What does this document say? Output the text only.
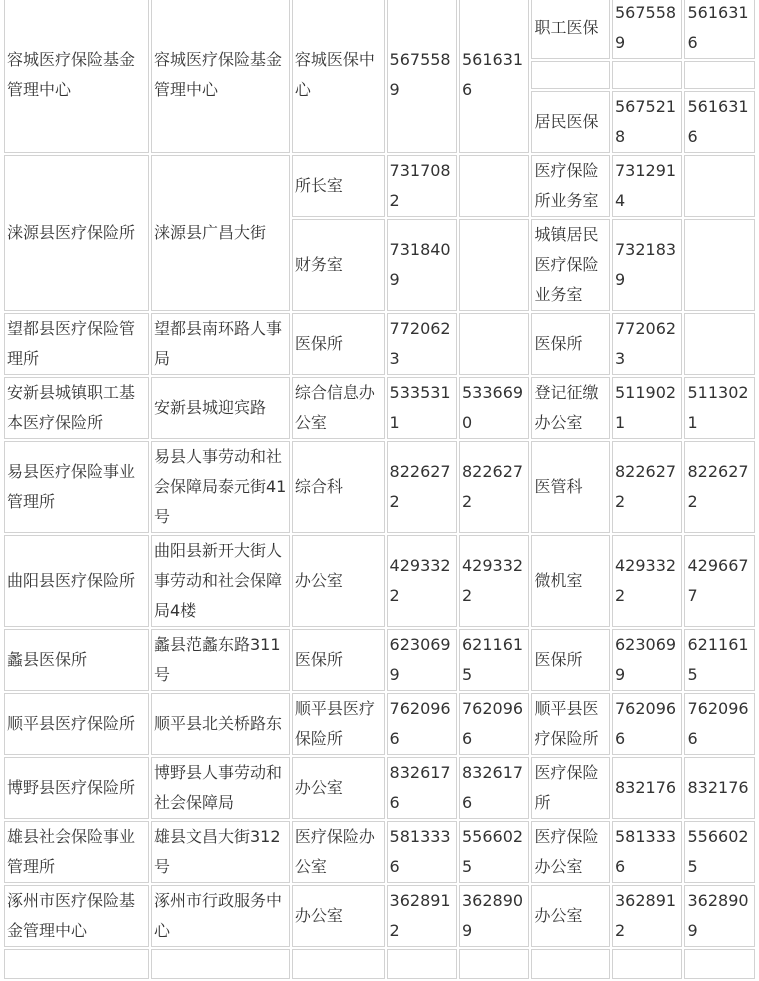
容城医疗保险基金管理中心	容城医疗保险基金管理中心	容城医保中心	5675589	5616316	职工医保	5675589	5616316

					居民医保	5675218	5616316
涞源县医疗保险所	涞源县广昌大街	所长室	7317082		医疗保险所业务室	7312914	
		财务室	7318409		城镇居民医疗保险业务室	7321839	
望都县医疗保险管理所	望都县南环路人事局	医保所	7720623		医保所	7720623	
安新县城镇职工基本医疗保险所	安新县城迎宾路	综合信息办公室	5335311	5336690	登记征缴办公室	5119021	5113021
易县医疗保险事业管理所	易县人事劳动和社会保障局泰元街41号	综合科	8226272	8226272	医管科	8226272	8226272
曲阳县医疗保险所	曲阳县新开大街人事劳动和社会保障局4楼	办公室	4293322	4293322	微机室	4293322	4296677
蠡县医保所	蠡县范蠡东路311号	医保所	6230699	6211615	医保所	6230699	6211615
顺平县医疗保险所	顺平县北关桥路东	顺平县医疗保险所	7620966	7620966	顺平县医疗保险所	7620966	7620966
博野县医疗保险所	博野县人事劳动和社会保障局	办公室	8326176	8326176	医疗保险所	832176	832176
雄县社会保险事业管理所	雄县文昌大街312号	医疗保险办公室	5813336	5566025	医疗保险办公室	5813336	5566025
涿州市医疗保险基金管理中心	涿州市行政服务中心	办公室	3628912	3628909	办公室	3628912	3628909
